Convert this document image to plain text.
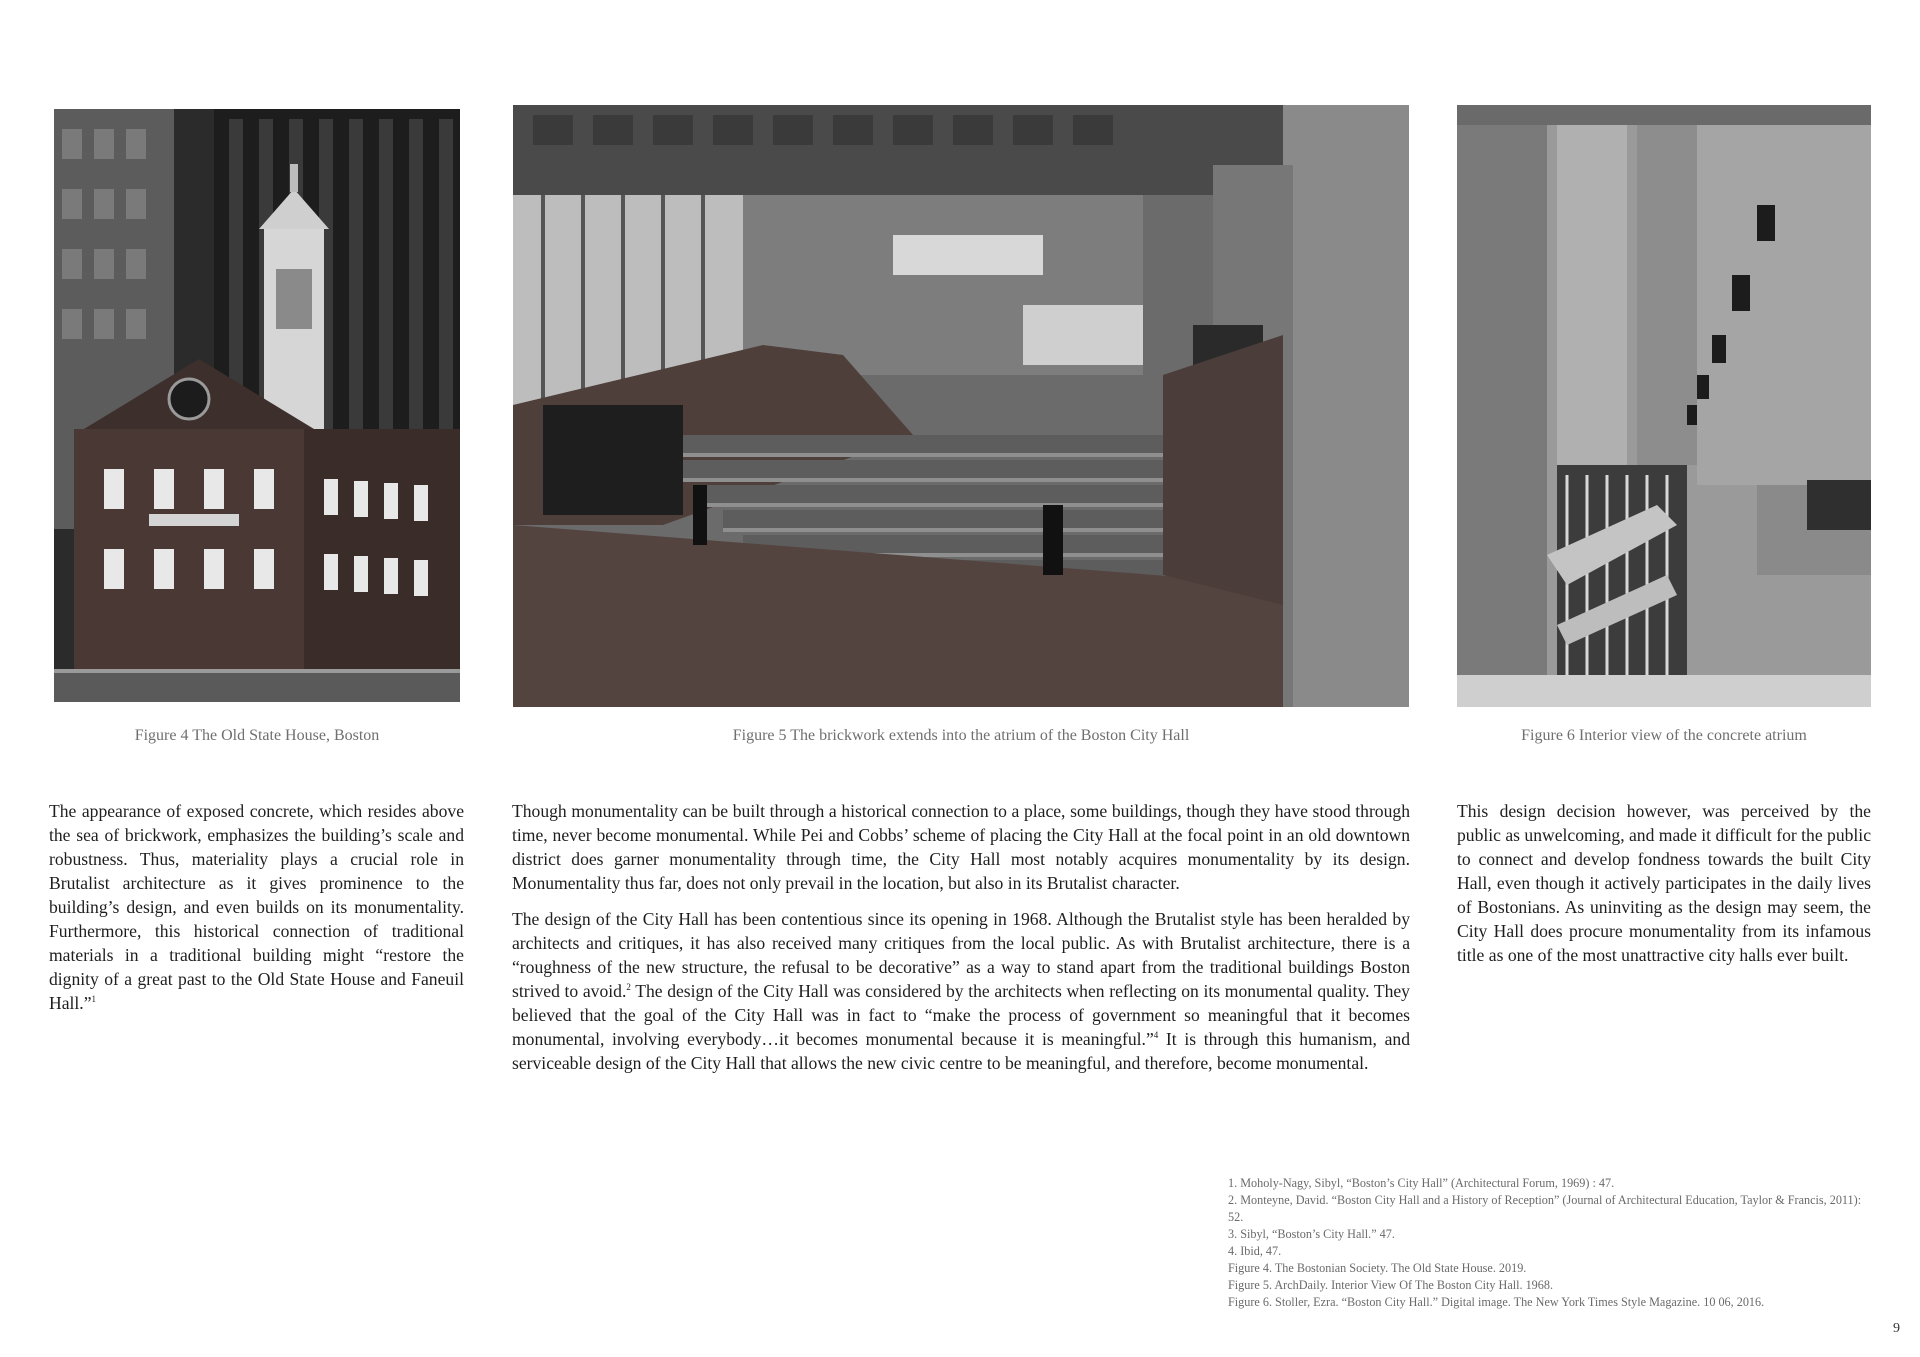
Figure 4 The Old State House, Boston	Figure 5 The brickwork extends into the atrium of the Boston City Hall	Figure 6 Interior view of the concrete atrium

The appearance of exposed concrete, which resides above the sea of brickwork, emphasizes the building’s scale and robustness. Thus, materiality plays a crucial role in Brutalist architecture as it gives prominence to the building’s design, and even builds on its monumentality. Furthermore, this historical connection of traditional materials in a traditional building might “restore the dignity of a great past to the Old State House and Faneuil Hall.”$^1$

Though monumentality can be built through a historical connection to a place, some buildings, though they have stood through time, never become monumental. While Pei and Cobbs’ scheme of placing the City Hall at the focal point in an old downtown district does garner monumentality through time, the City Hall most notably acquires monumentality by its design. Monumentality thus far, does not only prevail in the location, but also in its Brutalist character.

The design of the City Hall has been contentious since its opening in 1968. Although the Brutalist style has been heralded by architects and critiques, it has also received many critiques from the local public. As with Brutalist architecture, there is a “roughness of the new structure, the refusal to be decorative” as a way to stand apart from the traditional buildings Boston strived to avoid.$^2$ The design of the City Hall was considered by the architects when reflecting on its monumental quality. They believed that the goal of the City Hall was in fact to “make the process of government so meaningful that it becomes monumental, involving everybody…it becomes monumental because it is meaningful.”$^4$ It is through this humanism, and serviceable design of the City Hall that allows the new civic centre to be meaningful, and therefore, become monumental.

This design decision however, was perceived by the public as unwelcoming, and made it difficult for the public to connect and develop fondness towards the built City Hall, even though it actively participates in the daily lives of Bostonians. As uninviting as the design may seem, the City Hall does procure monumentality from its infamous title as one of the most unattractive city halls ever built.

1. Moholy-Nagy, Sibyl, “Boston’s City Hall” (Architectural Forum, 1969) : 47.
2. Monteyne, David. “Boston City Hall and a History of Reception” (Journal of Architectural Education, Taylor & Francis, 2011): 52.
3. Sibyl, “Boston’s City Hall.” 47.
4. Ibid, 47.
Figure 4. The Bostonian Society. The Old State House. 2019.
Figure 5. ArchDaily. Interior View Of The Boston City Hall. 1968.
Figure 6. Stoller, Ezra. “Boston City Hall.” Digital image. The New York Times Style Magazine. 10 06, 2016.
9
